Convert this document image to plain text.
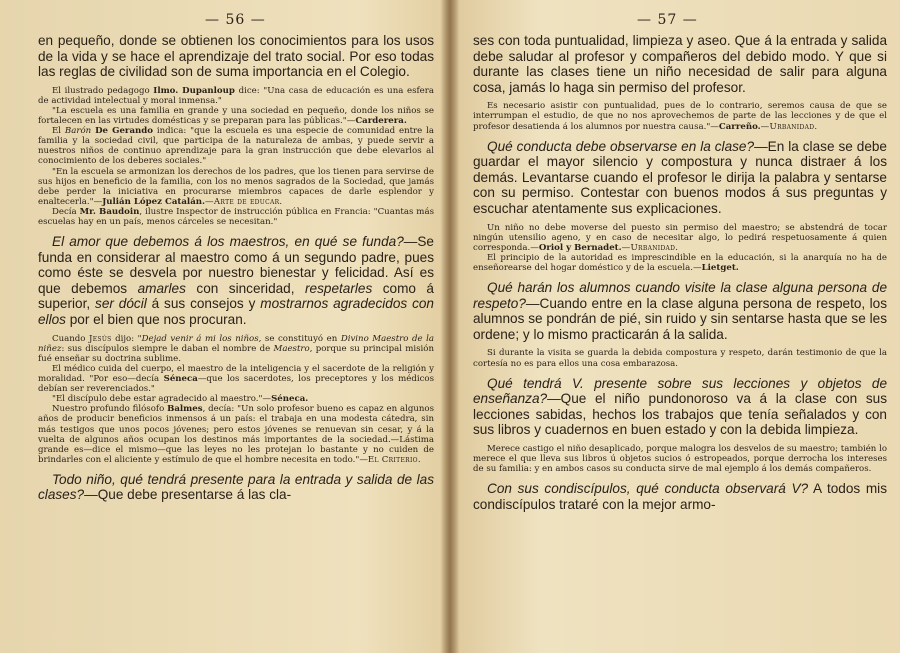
— 56 —

en pequeño, donde se obtienen los conocimientos para los usos de la vida y se hace el aprendizaje del trato social. Por eso todas las reglas de civilidad son de suma importancia en el Colegio.

El ilustrado pedagogo Ilmo. Dupanloup dice: "Una casa de educación es una esfera de actividad intelectual y moral inmensa."

"La escuela es una familia en grande y una sociedad en pequeño, donde los niños se fortalecen en las virtudes domésticas y se preparan para las públicas."—Carderera.

El Barón De Gerando indica: "que la escuela es una especie de comunidad entre la familia y la sociedad civil, que participa de la naturaleza de ambas, y puede servir a nuestros niños de continuo aprendizaje para la gran instrucción que debe elevarlos al conocimiento de los deberes sociales."

"En la escuela se armonizan los derechos de los padres, que los tienen para servirse de sus hijos en beneficio de la familia, con los no menos sagrados de la Sociedad, que jamás debe perder la iniciativa en procurarse miembros capaces de darle esplendor y enaltecerla."—Julián López Catalán.—Arte de educar.

Decía Mr. Baudoin, ilustre Inspector de instrucción pública en Francia: "Cuantas más escuelas hay en un país, menos cárceles se necesitan."

El amor que debemos á los maestros, en qué se funda?—Se funda en considerar al maestro como á un segundo padre, pues como éste se desvela por nuestro bienestar y felicidad. Así es que debemos amarles con sinceridad, respetarles como á superior, ser dócil á sus consejos y mostrarnos agradecidos con ellos por el bien que nos procuran.

Cuando Jesús dijo: "Dejad venir á mi los niños, se constituyó en Divino Maestro de la niñez: sus discípulos siempre le daban el nombre de Maestro, porque su principal misión fué enseñar su doctrina sublime.

El médico cuida del cuerpo, el maestro de la inteligencia y el sacerdote de la religión y moralidad. "Por eso—decía Séneca—que los sacerdotes, los preceptores y los médicos debían ser reverenciados."

"El discípulo debe estar agradecido al maestro."—Séneca.

Nuestro profundo filósofo Balmes, decía: "Un solo profesor bueno es capaz en algunos años de producir beneficios inmensos á un país: el trabaja en una modesta cátedra, sin más testigos que unos pocos jóvenes; pero estos jóvenes se renuevan sin cesar, y á la vuelta de algunos años ocupan los destinos más importantes de la sociedad.—Lástima grande es—dice el mismo—que las leyes no les protejan lo bastante y no cuiden de brindarles con el aliciente y estímulo de que el hombre necesita en todo."—El Criterio.

Todo niño, qué tendrá presente para la entrada y salida de las clases?—Que debe presentarse á las cla-

— 57 —

ses con toda puntualidad, limpieza y aseo. Que á la entrada y salida debe saludar al profesor y compañeros del debido modo. Y que si durante las clases tiene un niño necesidad de salir para alguna cosa, jamás lo haga sin permiso del profesor.

Es necesario asistir con puntualidad, pues de lo contrario, seremos causa de que se interrumpan el estudio, de que no nos aprovechemos de parte de las lecciones y de que el profesor desatienda á los alumnos por nuestra causa."—Carreño.—Urbanidad.

Qué conducta debe observarse en la clase?—En la clase se debe guardar el mayor silencio y compostura y nunca distraer á los demás. Levantarse cuando el profesor le dirija la palabra y sentarse con su permiso. Contestar con buenos modos á sus preguntas y escuchar atentamente sus explicaciones.

Un niño no debe moverse del puesto sin permiso del maestro; se abstendrá de tocar ningún utensilio ageno, y en caso de necesitar algo, lo pedirá respetuosamente á quien corresponda.—Oriol y Bernadet.—Urbanidad.

El principio de la autoridad es imprescindible en la educación, si la anarquía no ha de enseñorearse del hogar doméstico y de la escuela.—Lietget.

Qué harán los alumnos cuando visite la clase alguna persona de respeto?—Cuando entre en la clase alguna persona de respeto, los alumnos se pondrán de pié, sin ruido y sin sentarse hasta que se les ordene; y lo mismo practicarán á la salida.

Si durante la visita se guarda la debida compostura y respeto, darán testimonio de que la cortesía no es para ellos una cosa embarazosa.

Qué tendrá V. presente sobre sus lecciones y objetos de enseñanza?—Que el niño pundonoroso va á la clase con sus lecciones sabidas, hechos los trabajos que tenía señalados y con sus libros y cuadernos en buen estado y con la debida limpieza.

Merece castigo el niño desaplicado, porque malogra los desvelos de su maestro; también lo merece el que lleva sus libros ú objetos sucios ó estropeados, porque derrocha los intereses de su familia: y en ambos casos su conducta sirve de mal ejemplo á los demás compañeros.

Con sus condiscípulos, qué conducta observará V? A todos mis condiscípulos trataré con la mejor armo-
